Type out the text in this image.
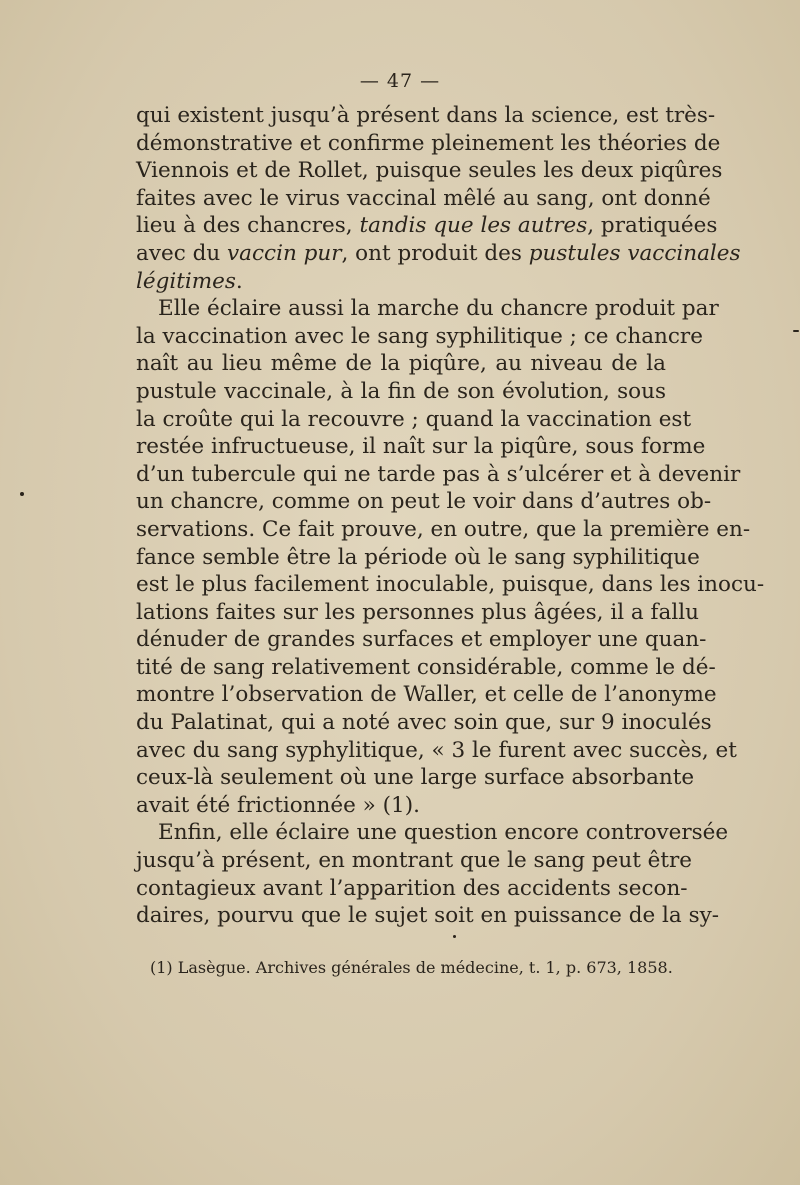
— 47 —
qui existent jusqu’à présent dans la science, est très-
démonstrative et confirme pleinement les théories de
Viennois et de Rollet, puisque seules les deux piqûres
faites avec le virus vaccinal mêlé au sang, ont donné
lieu à des chancres, tandis que les autres, pratiquées
avec du vaccin pur, ont produit des pustules vaccinales
légitimes.
Elle éclaire aussi la marche du chancre produit par
la vaccination avec le sang syphilitique ; ce chancre
naît au lieu même de la piqûre, au niveau de la
pustule vaccinale, à la fin de son évolution, sous
la croûte qui la recouvre ; quand la vaccination est
restée infructueuse, il naît sur la piqûre, sous forme
d’un tubercule qui ne tarde pas à s’ulcérer et à devenir
un chancre, comme on peut le voir dans d’autres ob-
servations. Ce fait prouve, en outre, que la première en-
fance semble être la période où le sang syphilitique
est le plus facilement inoculable, puisque, dans les inocu-
lations faites sur les personnes plus âgées, il a fallu
dénuder de grandes surfaces et employer une quan-
tité de sang relativement considérable, comme le dé-
montre l’observation de Waller, et celle de l’anonyme
du Palatinat, qui a noté avec soin que, sur 9 inoculés
avec du sang syphylitique, « 3 le furent avec succès, et
ceux-là seulement où une large surface absorbante
avait été frictionnée » (1).
Enfin, elle éclaire une question encore controversée
jusqu’à présent, en montrant que le sang peut être
contagieux avant l’apparition des accidents secon-
daires, pourvu que le sujet soit en puissance de la sy-
(1) Lasègue. Archives générales de médecine, t. 1, p. 673, 1858.
